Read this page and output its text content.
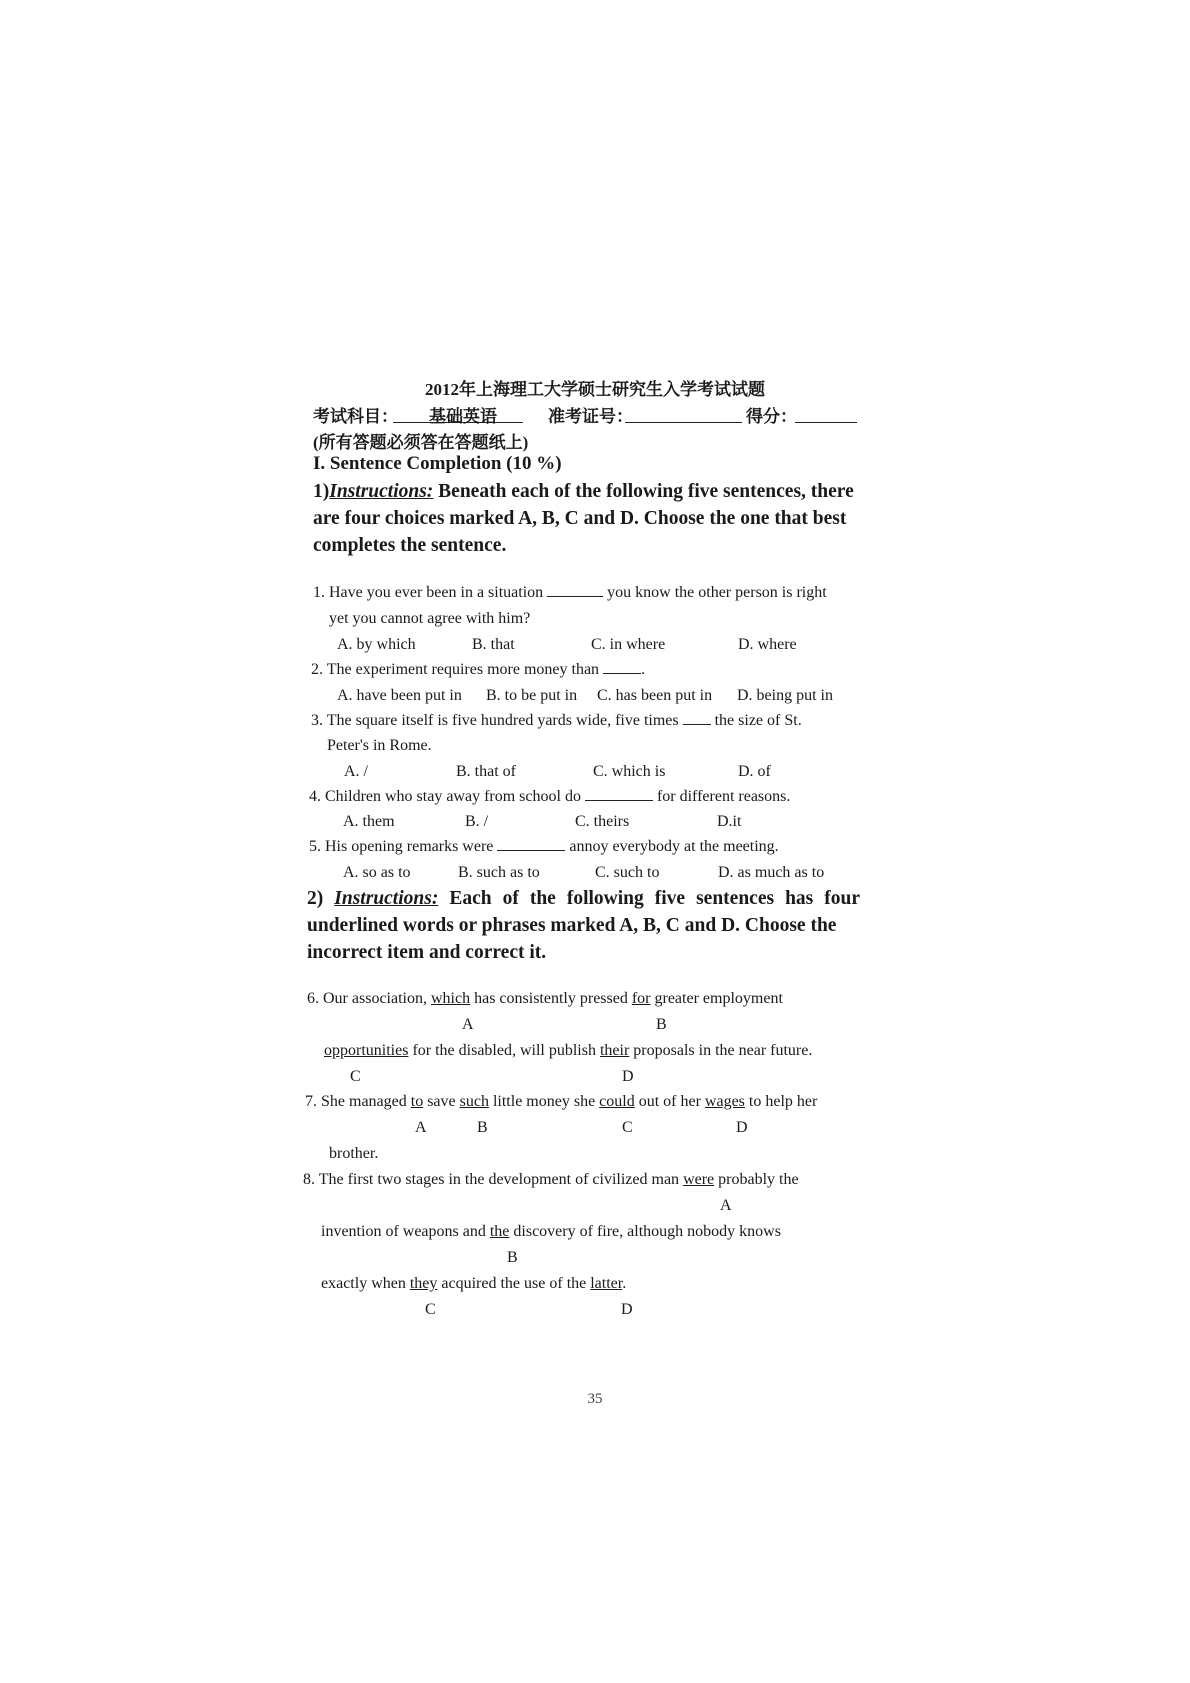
2012年上海理工大学硕士研究生入学考试试题
考试科目： 基础英语	准考证号：	得分：
(所有答题必须答在答题纸上)
I. Sentence Completion (10 %)
1)Instructions: Beneath each of the following five sentences, there
are four choices marked A, B, C and D. Choose the one that best
completes the sentence.
1. Have you ever been in a situation	you know the other person is right
yet you cannot agree with him?
A. by which	B. that	C. in where	D. where
2. The experiment requires more money than .
A. have been put in B. to be put in C. has been put in D. being put in
3. The square itself is five hundred yards wide, five times  the size of St.
Peter's in Rome.
A. /	B. that of	C. which is	D. of
4. Children who stay away from school do	for different reasons.
A. them	B. /	C. theirs	D.it
5. His opening remarks were	annoy everybody at the meeting.
A. so as to	B. such as to	C. such to	D. as much as to
2) Instructions: Each of the following five sentences has four
underlined words or phrases marked A, B, C and D. Choose the
incorrect item and correct it.
6. Our association, which has consistently pressed for greater employment
A	B
opportunities for the disabled, will publish their proposals in the near future.
C	D
7. She managed to save such little money she could out of her wages to help her
A	B	C	D
brother.
8. The first two stages in the development of civilized man were probably the
A
invention of weapons and the discovery of fire, although nobody knows
B
exactly when they acquired the use of the latter.
C	D
35
